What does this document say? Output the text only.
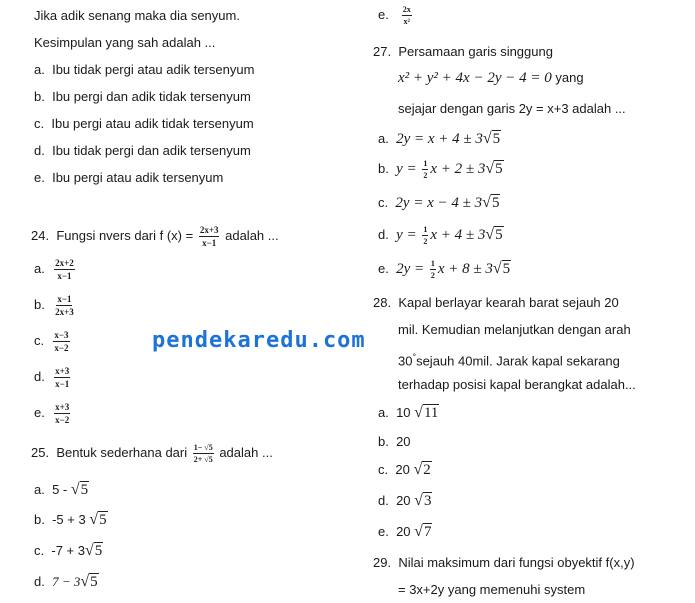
Jika adik senang maka dia senyum.
Kesimpulan yang sah adalah ...
a. Ibu tidak pergi atau adik tersenyum
b. Ibu pergi dan adik tidak tersenyum
c. Ibu pergi atau adik tidak tersenyum
d. Ibu tidak pergi dan adik tersenyum
e. Ibu pergi atau adik tersenyum
24. Fungsi nvers dari f $(x) = \frac{2x+3}{x-1}$ adalah ...
a. $\frac{2x+2}{x-1}$
b. $\frac{x-1}{2x+3}$
c. $\frac{x-3}{x-2}$
d. $\frac{x+3}{x-1}$
e. $\frac{x+3}{x-2}$
25. Bentuk sederhana dari $\frac{1- √5}{2+ √5}$ adalah ...
a. 5 - √5
b. -5 + 3 √5
c. -7 + 3√5
d. 7 − 3√5
e. $\frac{2x}{\text{x²}}$
27. Persamaan garis singgung
x² + y² + 4x − 2y − 4 = 0 yang
sejajar dengan garis 2y = x+3 adalah ...
a. 2y = x + 4 ± 3√5
b. $y = \frac{1}{2}$ x + 2 ± 3√5
c. 2y = x − 4 ± 3√5
d. $y = \frac{1}{2}$ x + 4 ± 3√5
e. $2y = \frac{1}{2}$ x + 8 ± 3√5
28. Kapal berlayar kearah barat sejauh 20
mil. Kemudian melanjutkan dengan arah
30°sejauh 40mil. Jarak kapal sekarang
terhadap posisi kapal berangkat adalah...
a. 10 √11
b. 20
c. 20 √2
d. 20 √3
e. 20 √7
29. Nilai maksimum dari fungsi obyektif f(x,y)
= 3x+2y yang memenuhi system
pendekaredu.com
